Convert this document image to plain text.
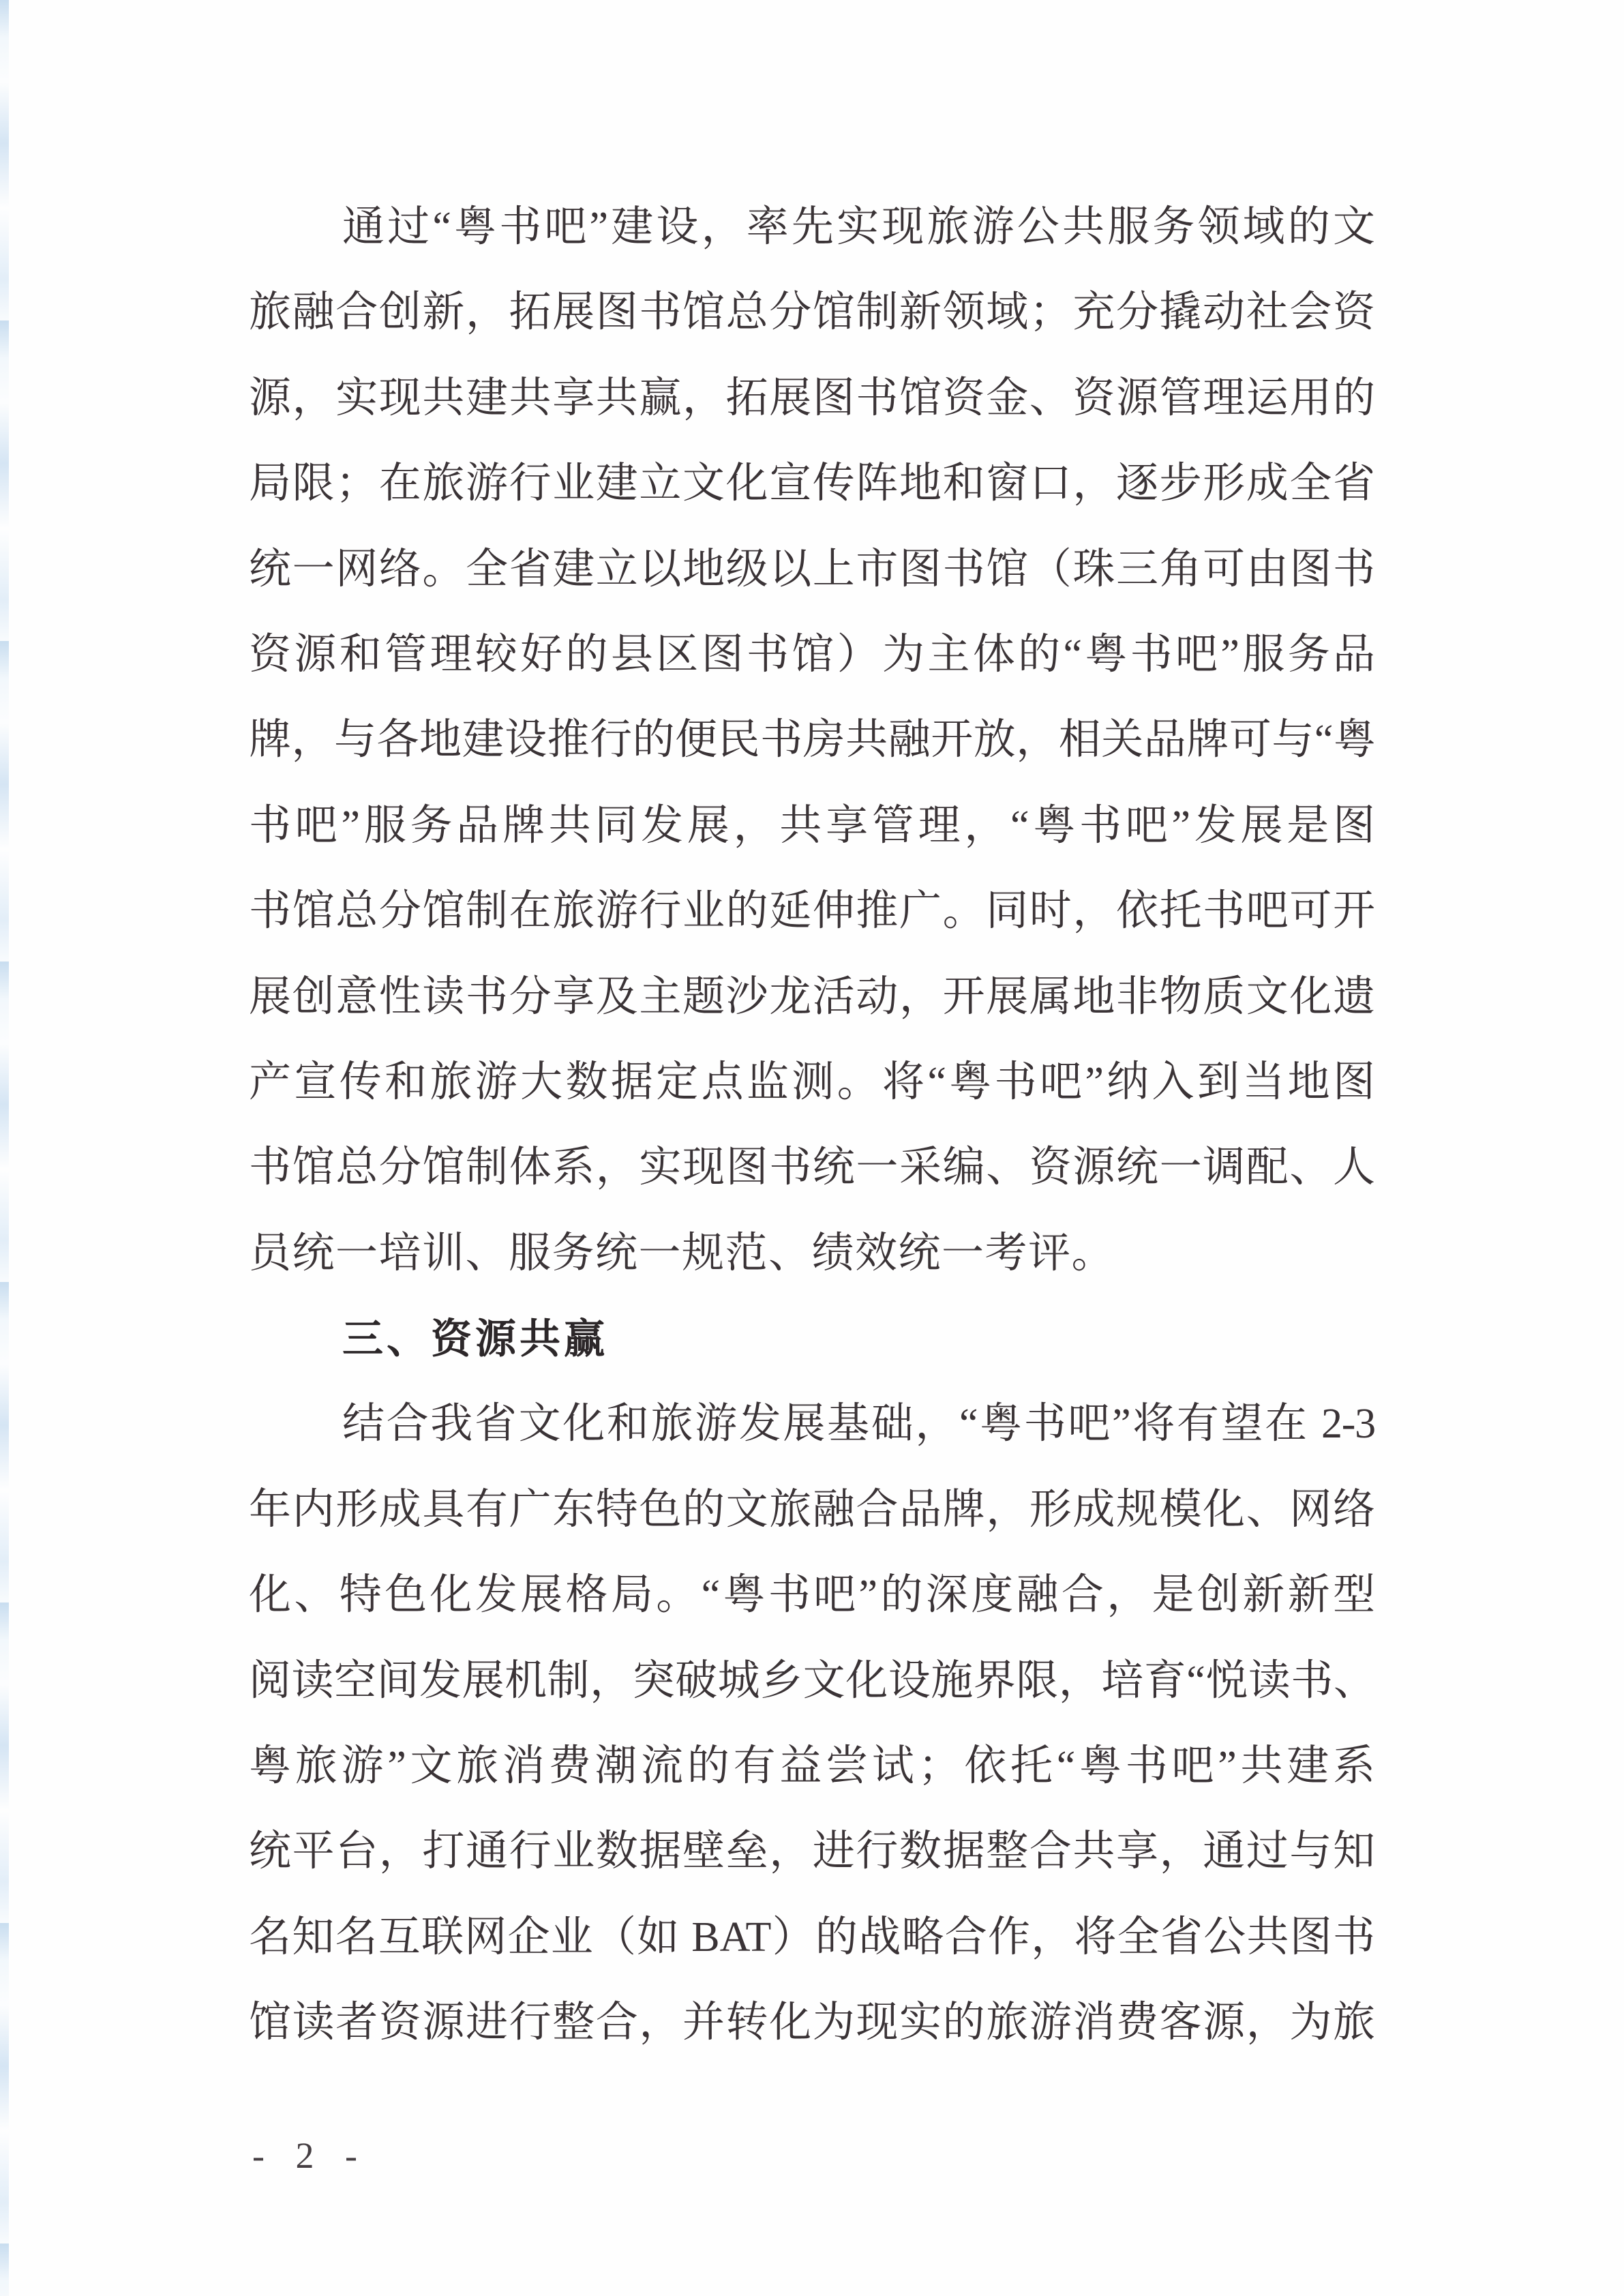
通过“粤书吧”建设，率先实现旅游公共服务领域的文
旅融合创新，拓展图书馆总分馆制新领域；充分撬动社会资
源，实现共建共享共赢，拓展图书馆资金、资源管理运用的
局限；在旅游行业建立文化宣传阵地和窗口，逐步形成全省
统一网络。全省建立以地级以上市图书馆（珠三角可由图书
资源和管理较好的县区图书馆）为主体的“粤书吧”服务品
牌，与各地建设推行的便民书房共融开放，相关品牌可与“粤
书吧”服务品牌共同发展，共享管理，“粤书吧”发展是图
书馆总分馆制在旅游行业的延伸推广。同时，依托书吧可开
展创意性读书分享及主题沙龙活动，开展属地非物质文化遗
产宣传和旅游大数据定点监测。将“粤书吧”纳入到当地图
书馆总分馆制体系，实现图书统一采编、资源统一调配、人
员统一培训、服务统一规范、绩效统一考评。
三、资源共赢
结合我省文化和旅游发展基础，“粤书吧”将有望在 2-3
年内形成具有广东特色的文旅融合品牌，形成规模化、网络
化、特色化发展格局。“粤书吧”的深度融合，是创新新型
阅读空间发展机制，突破城乡文化设施界限，培育“悦读书、
粤旅游”文旅消费潮流的有益尝试；依托“粤书吧”共建系
统平台，打通行业数据壁垒，进行数据整合共享，通过与知
名知名互联网企业（如 BAT）的战略合作，将全省公共图书
馆读者资源进行整合，并转化为现实的旅游消费客源，为旅
- 2 -
